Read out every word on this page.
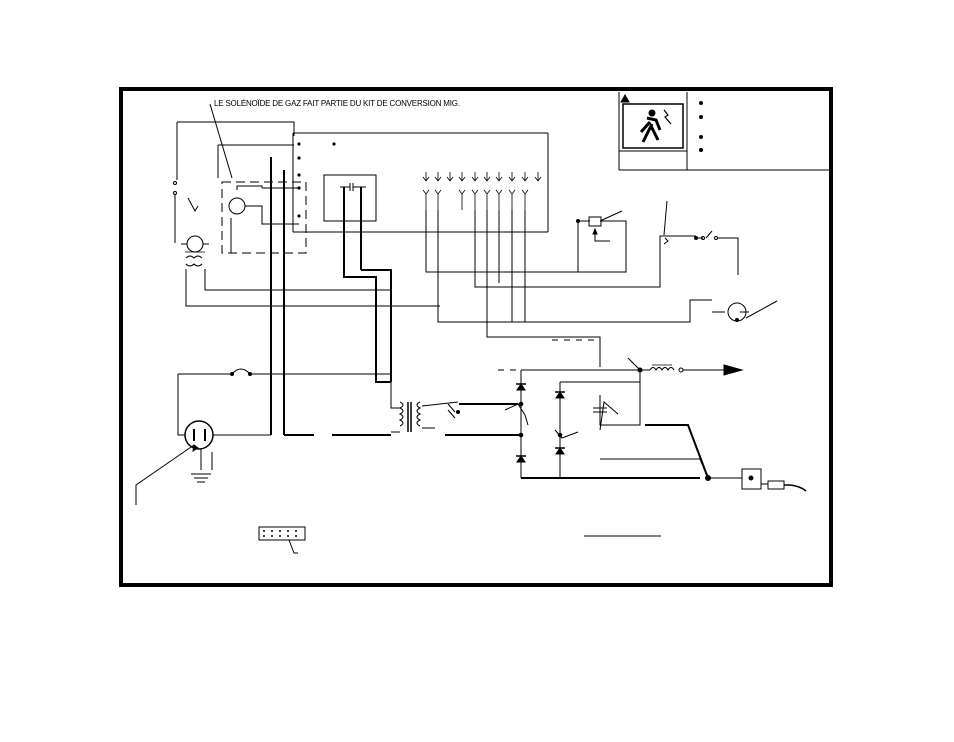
LE SOLÉNOÏDE DE GAZ FAIT PARTIE DU KIT DE CONVERSION MIG.
